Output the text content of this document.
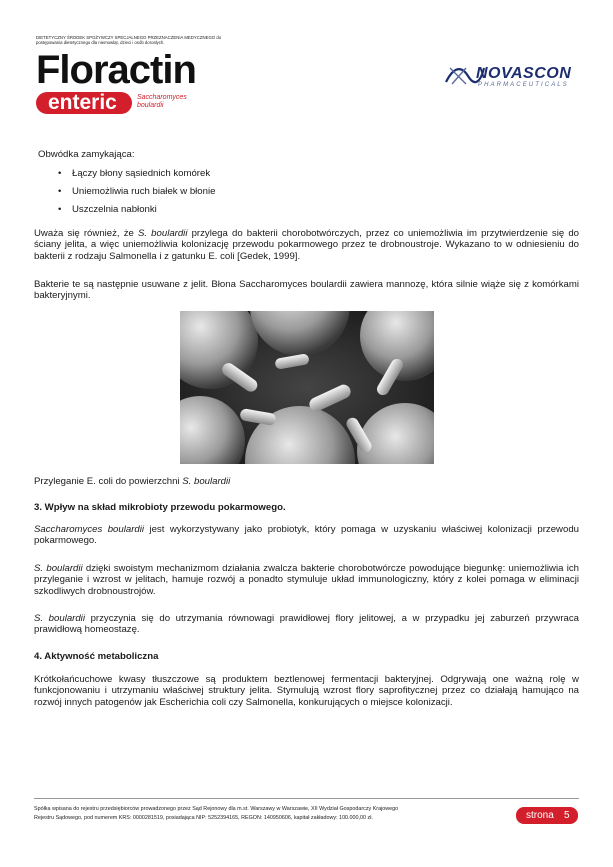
DIETETYCZNY ŚRODEK SPOŻYWCZY SPECJALNEGO PRZEZNACZENIA MEDYCZNEGO do postępowania dietetycznego dla niemowląt, dzieci i osób dorosłych.
Floractin
enteric	Saccharomyces
boulardii
NOVASCON
PHARMACEUTICALS

Obwódka zamykająca:

• Łączy błony sąsiednich komórek
• Uniemożliwia ruch białek w błonie
• Uszczelnia nabłonki

Uważa się również, że S. boulardii przylega do bakterii chorobotwórczych, przez co uniemożliwia im przytwierdzenie się do ściany jelita, a więc uniemożliwia kolonizację przewodu pokarmowego przez te drobnoustroje. Wykazano to w odniesieniu do bakterii z rodzaju Salmonella i z gatunku E. coli [Gedek, 1999].

Bakterie te są następnie usuwane z jelit. Błona Saccharomyces boulardii zawiera mannozę, która silnie wiąże się z komórkami bakteryjnymi.

Przyleganie E. coli do powierzchni S. boulardii

3. Wpływ na skład mikrobioty przewodu pokarmowego.

Saccharomyces boulardii jest wykorzystywany jako probiotyk, który pomaga w uzyskaniu właściwej kolonizacji przewodu pokarmowego.

S. boulardii dzięki swoistym mechanizmom działania zwalcza bakterie chorobotwórcze powodujące biegunkę: uniemożliwia ich przyleganie i wzrost w jelitach, hamuje rozwój a ponadto stymuluje układ immunologiczny, który z kolei pomaga w eliminacji szkodliwych drobnoustrojów.

S. boulardii przyczynia się do utrzymania równowagi prawidłowej flory jelitowej, a w przypadku jej zaburzeń przywraca prawidłową homeostazę.

4. Aktywność metaboliczna

Krótkołańcuchowe kwasy tłuszczowe są produktem beztlenowej fermentacji bakteryjnej. Odgrywają one ważną rolę w funkcjonowaniu i utrzymaniu właściwej struktury jelita. Stymulują wzrost flory saprofitycznej przez co działają hamująco na rozwój innych patogenów jak Escherichia coli czy Salmonella, konkurujących o miejsce kolonizacji.

Spółka wpisana do rejestru przedsiębiorców prowadzonego przez Sąd Rejonowy dla m.st. Warszawy w Warszawie, XII Wydział Gospodarczy Krajowego
Rejestru Sądowego, pod numerem KRS: 0000281519, posiadająca NIP: 5252394165, REGON: 140950606, kapitał zakładowy: 100.000,00 zł.	strona 5
